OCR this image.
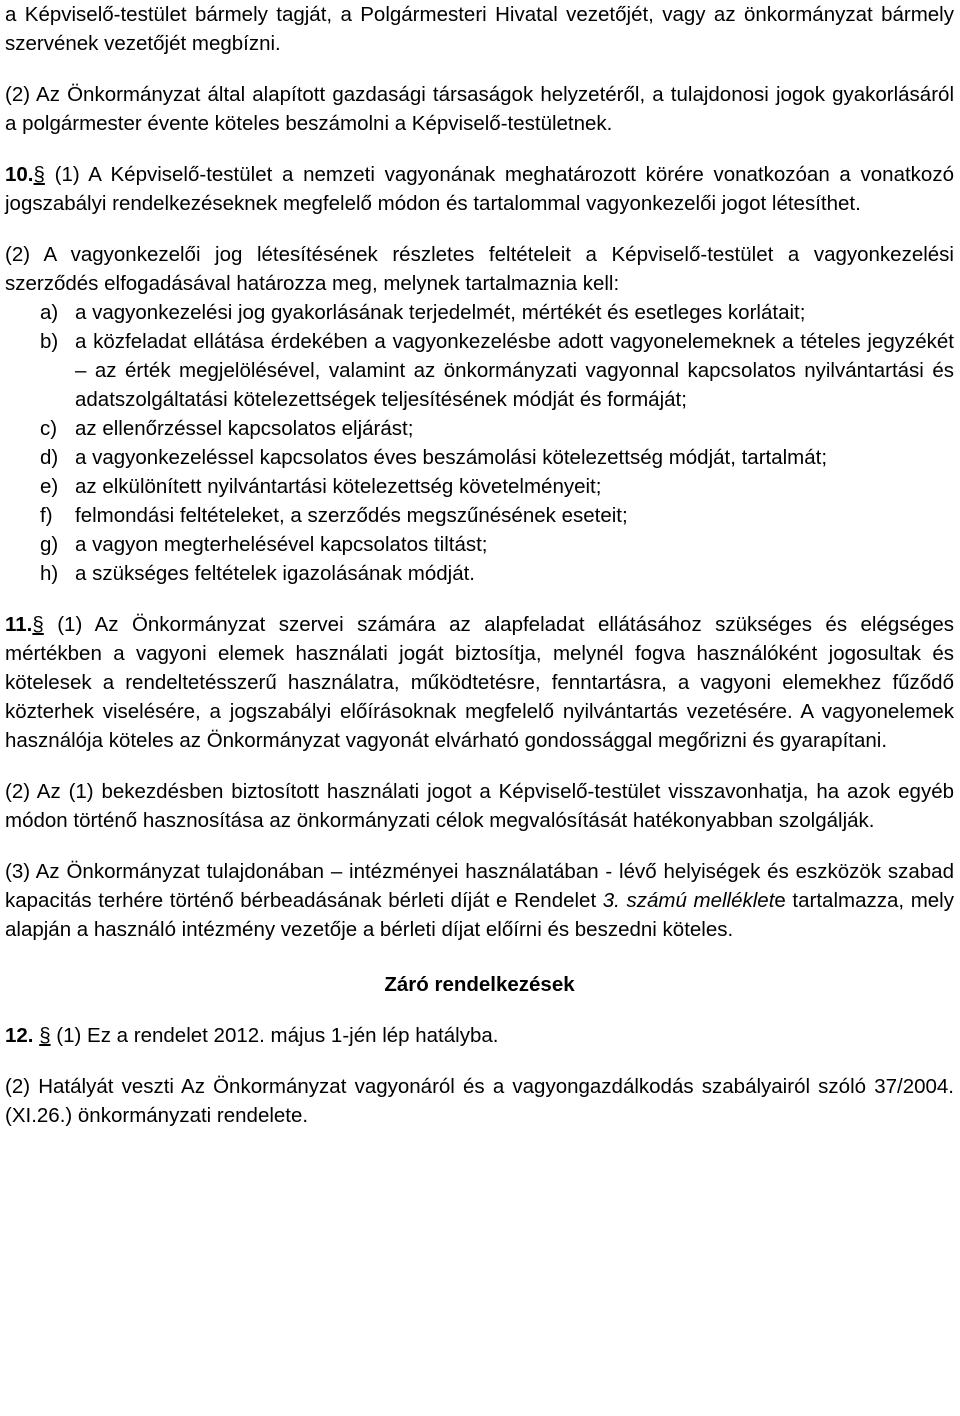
a Képviselő-testület bármely tagját, a Polgármesteri Hivatal vezetőjét, vagy az önkormányzat bármely szervének vezetőjét megbízni.

(2) Az Önkormányzat által alapított gazdasági társaságok helyzetéről, a tulajdonosi jogok gyakorlásáról a polgármester évente köteles beszámolni a Képviselő-testületnek.

10.§ (1) A Képviselő-testület a nemzeti vagyonának meghatározott körére vonatkozóan a vonatkozó jogszabályi rendelkezéseknek megfelelő módon és tartalommal vagyonkezelői jogot létesíthet.

(2) A vagyonkezelői jog létesítésének részletes feltételeit a Képviselő-testület a vagyonkezelési szerződés elfogadásával határozza meg, melynek tartalmaznia kell:

a) a vagyonkezelési jog gyakorlásának terjedelmét, mértékét és esetleges korlátait;
b) a közfeladat ellátása érdekében a vagyonkezelésbe adott vagyonelemeknek a tételes jegyzékét – az érték megjelölésével, valamint az önkormányzati vagyonnal kapcsolatos nyilvántartási és adatszolgáltatási kötelezettségek teljesítésének módját és formáját;
c) az ellenőrzéssel kapcsolatos eljárást;
d) a vagyonkezeléssel kapcsolatos éves beszámolási kötelezettség módját, tartalmát;
e) az elkülönített nyilvántartási kötelezettség követelményeit;
f)	felmondási feltételeket, a szerződés megszűnésének eseteit;
g) a vagyon megterhelésével kapcsolatos tiltást;
h) a szükséges feltételek igazolásának módját.

11.§ (1) Az Önkormányzat szervei számára az alapfeladat ellátásához szükséges és elégséges mértékben a vagyoni elemek használati jogát biztosítja, melynél fogva használóként jogosultak és kötelesek a rendeltetésszerű használatra, működtetésre, fenntartásra, a vagyoni elemekhez fűződő közterhek viselésére, a jogszabályi előírásoknak megfelelő nyilvántartás vezetésére. A vagyonelemek használója köteles az Önkormányzat vagyonát elvárható gondossággal megőrizni és gyarapítani.

(2) Az (1) bekezdésben biztosított használati jogot a Képviselő-testület visszavonhatja, ha azok egyéb módon történő hasznosítása az önkormányzati célok megvalósítását hatékonyabban szolgálják.

(3) Az Önkormányzat tulajdonában – intézményei használatában - lévő helyiségek és eszközök szabad kapacitás terhére történő bérbeadásának bérleti díját e Rendelet 3. számú melléklete tartalmazza, mely alapján a használó intézmény vezetője a bérleti díjat előírni és beszedni köteles.

Záró rendelkezések

12. § (1) Ez a rendelet 2012. május 1-jén lép hatályba.

(2) Hatályát veszti Az Önkormányzat vagyonáról és a vagyongazdálkodás szabályairól szóló 37/2004. (XI.26.) önkormányzati rendelete.
